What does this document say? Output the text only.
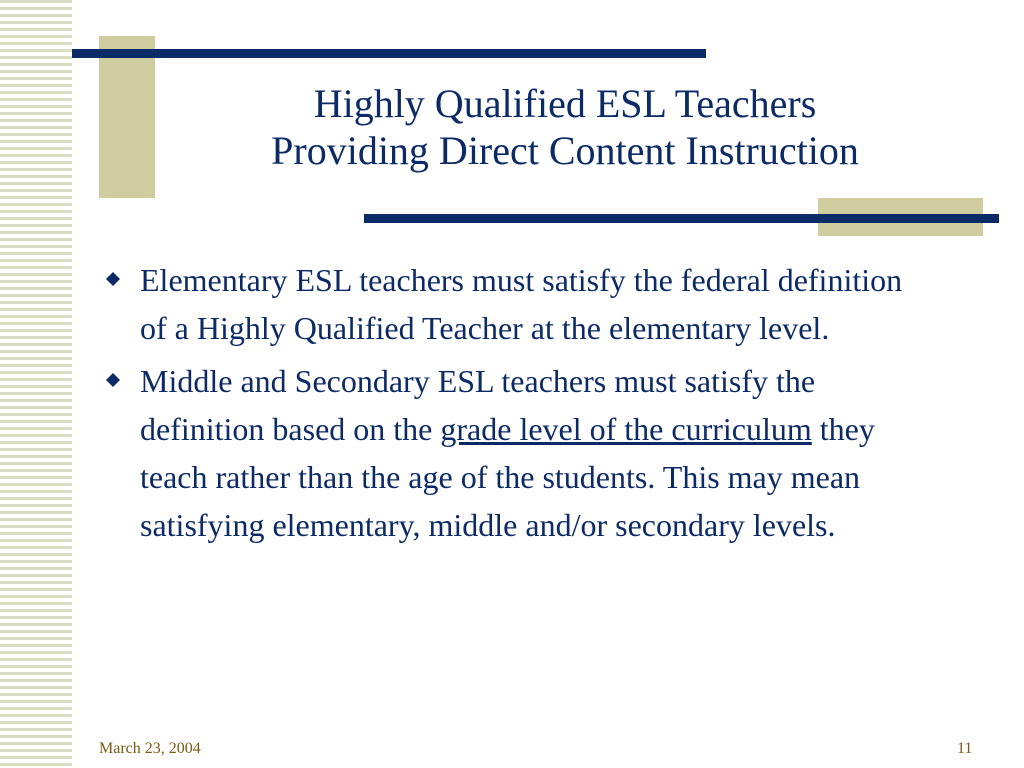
Highly Qualified ESL Teachers
Providing Direct Content Instruction
Elementary ESL teachers must satisfy the federal definition of a Highly Qualified Teacher at the elementary level.
Middle and Secondary ESL teachers must satisfy the definition based on the grade level of the curriculum they teach rather than the age of the students. This may mean satisfying elementary, middle and/or secondary levels.
March 23, 2004	11
